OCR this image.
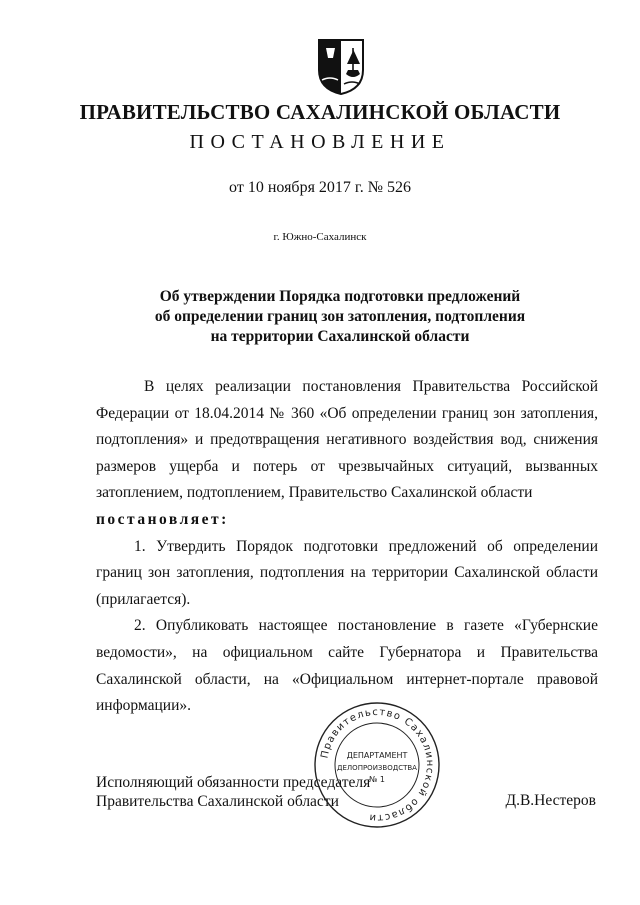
ПРАВИТЕЛЬСТВО САХАЛИНСКОЙ ОБЛАСТИ
ПОСТАНОВЛЕНИЕ
от 10 ноября 2017 г. № 526
г. Южно-Сахалинск
Об утверждении Порядка подготовки предложений
об определении границ зон затопления, подтопления
на территории Сахалинской области

В целях реализации постановления Правительства Российской Федерации от 18.04.2014 № 360 «Об определении границ зон затопления, подтопления» и предотвращения негативного воздействия вод, снижения размеров ущерба и потерь от чрезвычайных ситуаций, вызванных затоплением, подтоплением, Правительство Сахалинской области

постановляет:

1. Утвердить Порядок подготовки предложений об определении границ зон затопления, подтопления на территории Сахалинской области (прилагается).

2. Опубликовать настоящее постановление в газете «Губернские ведомости», на официальном сайте Губернатора и Правительства Сахалинской области, на «Официальном интернет-портале правовой информации».

Исполняющий обязанности председателя
Правительства Сахалинской области	Д.В.Нестеров
Правительство Сахалинской области
ДЕПАРТАМЕНТ
ДЕЛОПРОИЗВОДСТВА
№ 1
